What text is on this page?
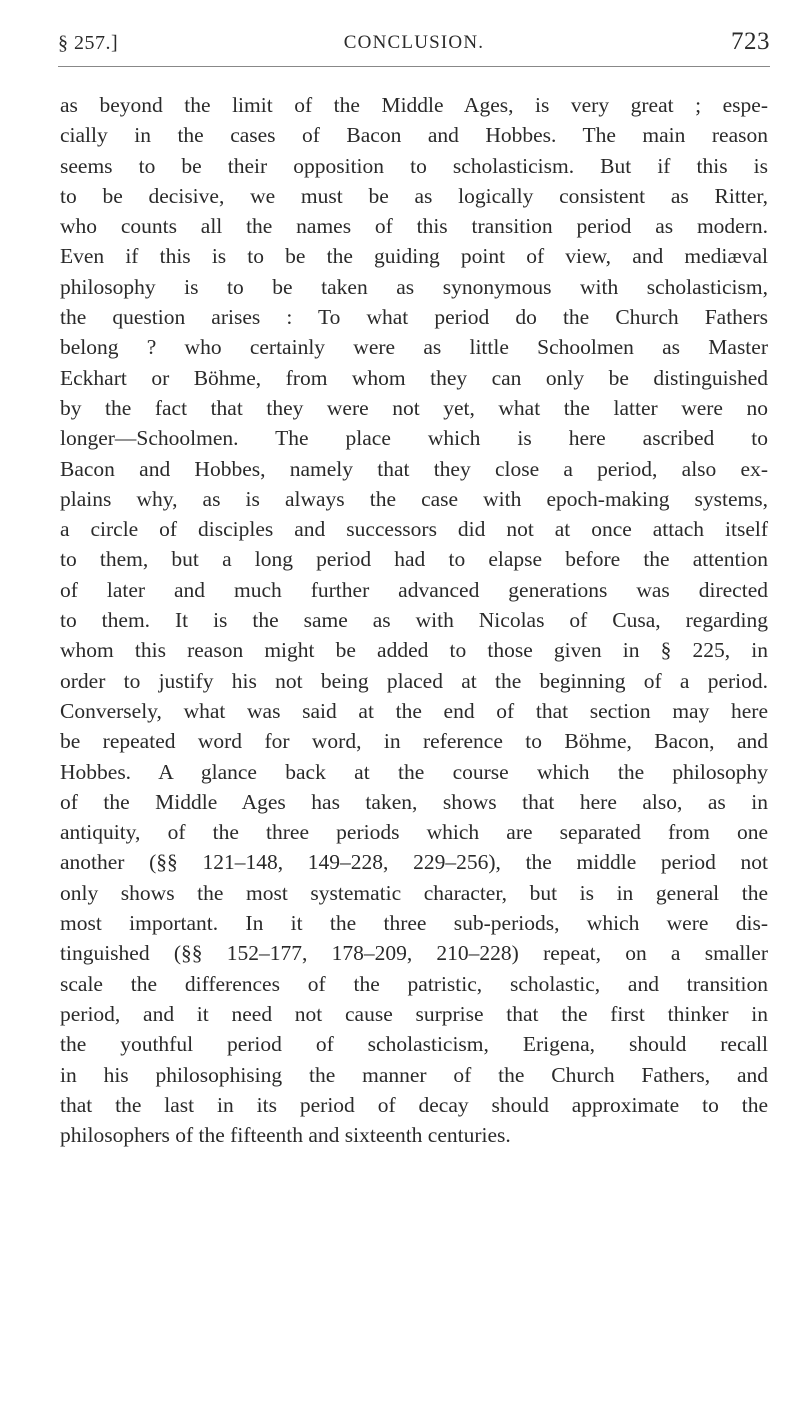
§ 257.]	CONCLUSION.	723
as beyond the limit of the Middle Ages, is very great ; espe-
cially in the cases of Bacon and Hobbes. The main reason
seems to be their opposition to scholasticism. But if this is
to be decisive, we must be as logically consistent as Ritter,
who counts all the names of this transition period as modern.
Even if this is to be the guiding point of view, and mediæval
philosophy is to be taken as synonymous with scholasticism,
the question arises : To what period do the Church Fathers
belong ? who certainly were as little Schoolmen as Master
Eckhart or Böhme, from whom they can only be distinguished
by the fact that they were not yet, what the latter were no
longer—Schoolmen. The place which is here ascribed to
Bacon and Hobbes, namely that they close a period, also ex-
plains why, as is always the case with epoch-making systems,
a circle of disciples and successors did not at once attach itself
to them, but a long period had to elapse before the attention
of later and much further advanced generations was directed
to them. It is the same as with Nicolas of Cusa, regarding
whom this reason might be added to those given in § 225, in
order to justify his not being placed at the beginning of a period.
Conversely, what was said at the end of that section may here
be repeated word for word, in reference to Böhme, Bacon, and
Hobbes. A glance back at the course which the philosophy
of the Middle Ages has taken, shows that here also, as in
antiquity, of the three periods which are separated from one
another (§§ 121–148, 149–228, 229–256), the middle period not
only shows the most systematic character, but is in general the
most important. In it the three sub-periods, which were dis-
tinguished (§§ 152–177, 178–209, 210–228) repeat, on a smaller
scale the differences of the patristic, scholastic, and transition
period, and it need not cause surprise that the first thinker in
the youthful period of scholasticism, Erigena, should recall
in his philosophising the manner of the Church Fathers, and
that the last in its period of decay should approximate to the
philosophers of the fifteenth and sixteenth centuries.
